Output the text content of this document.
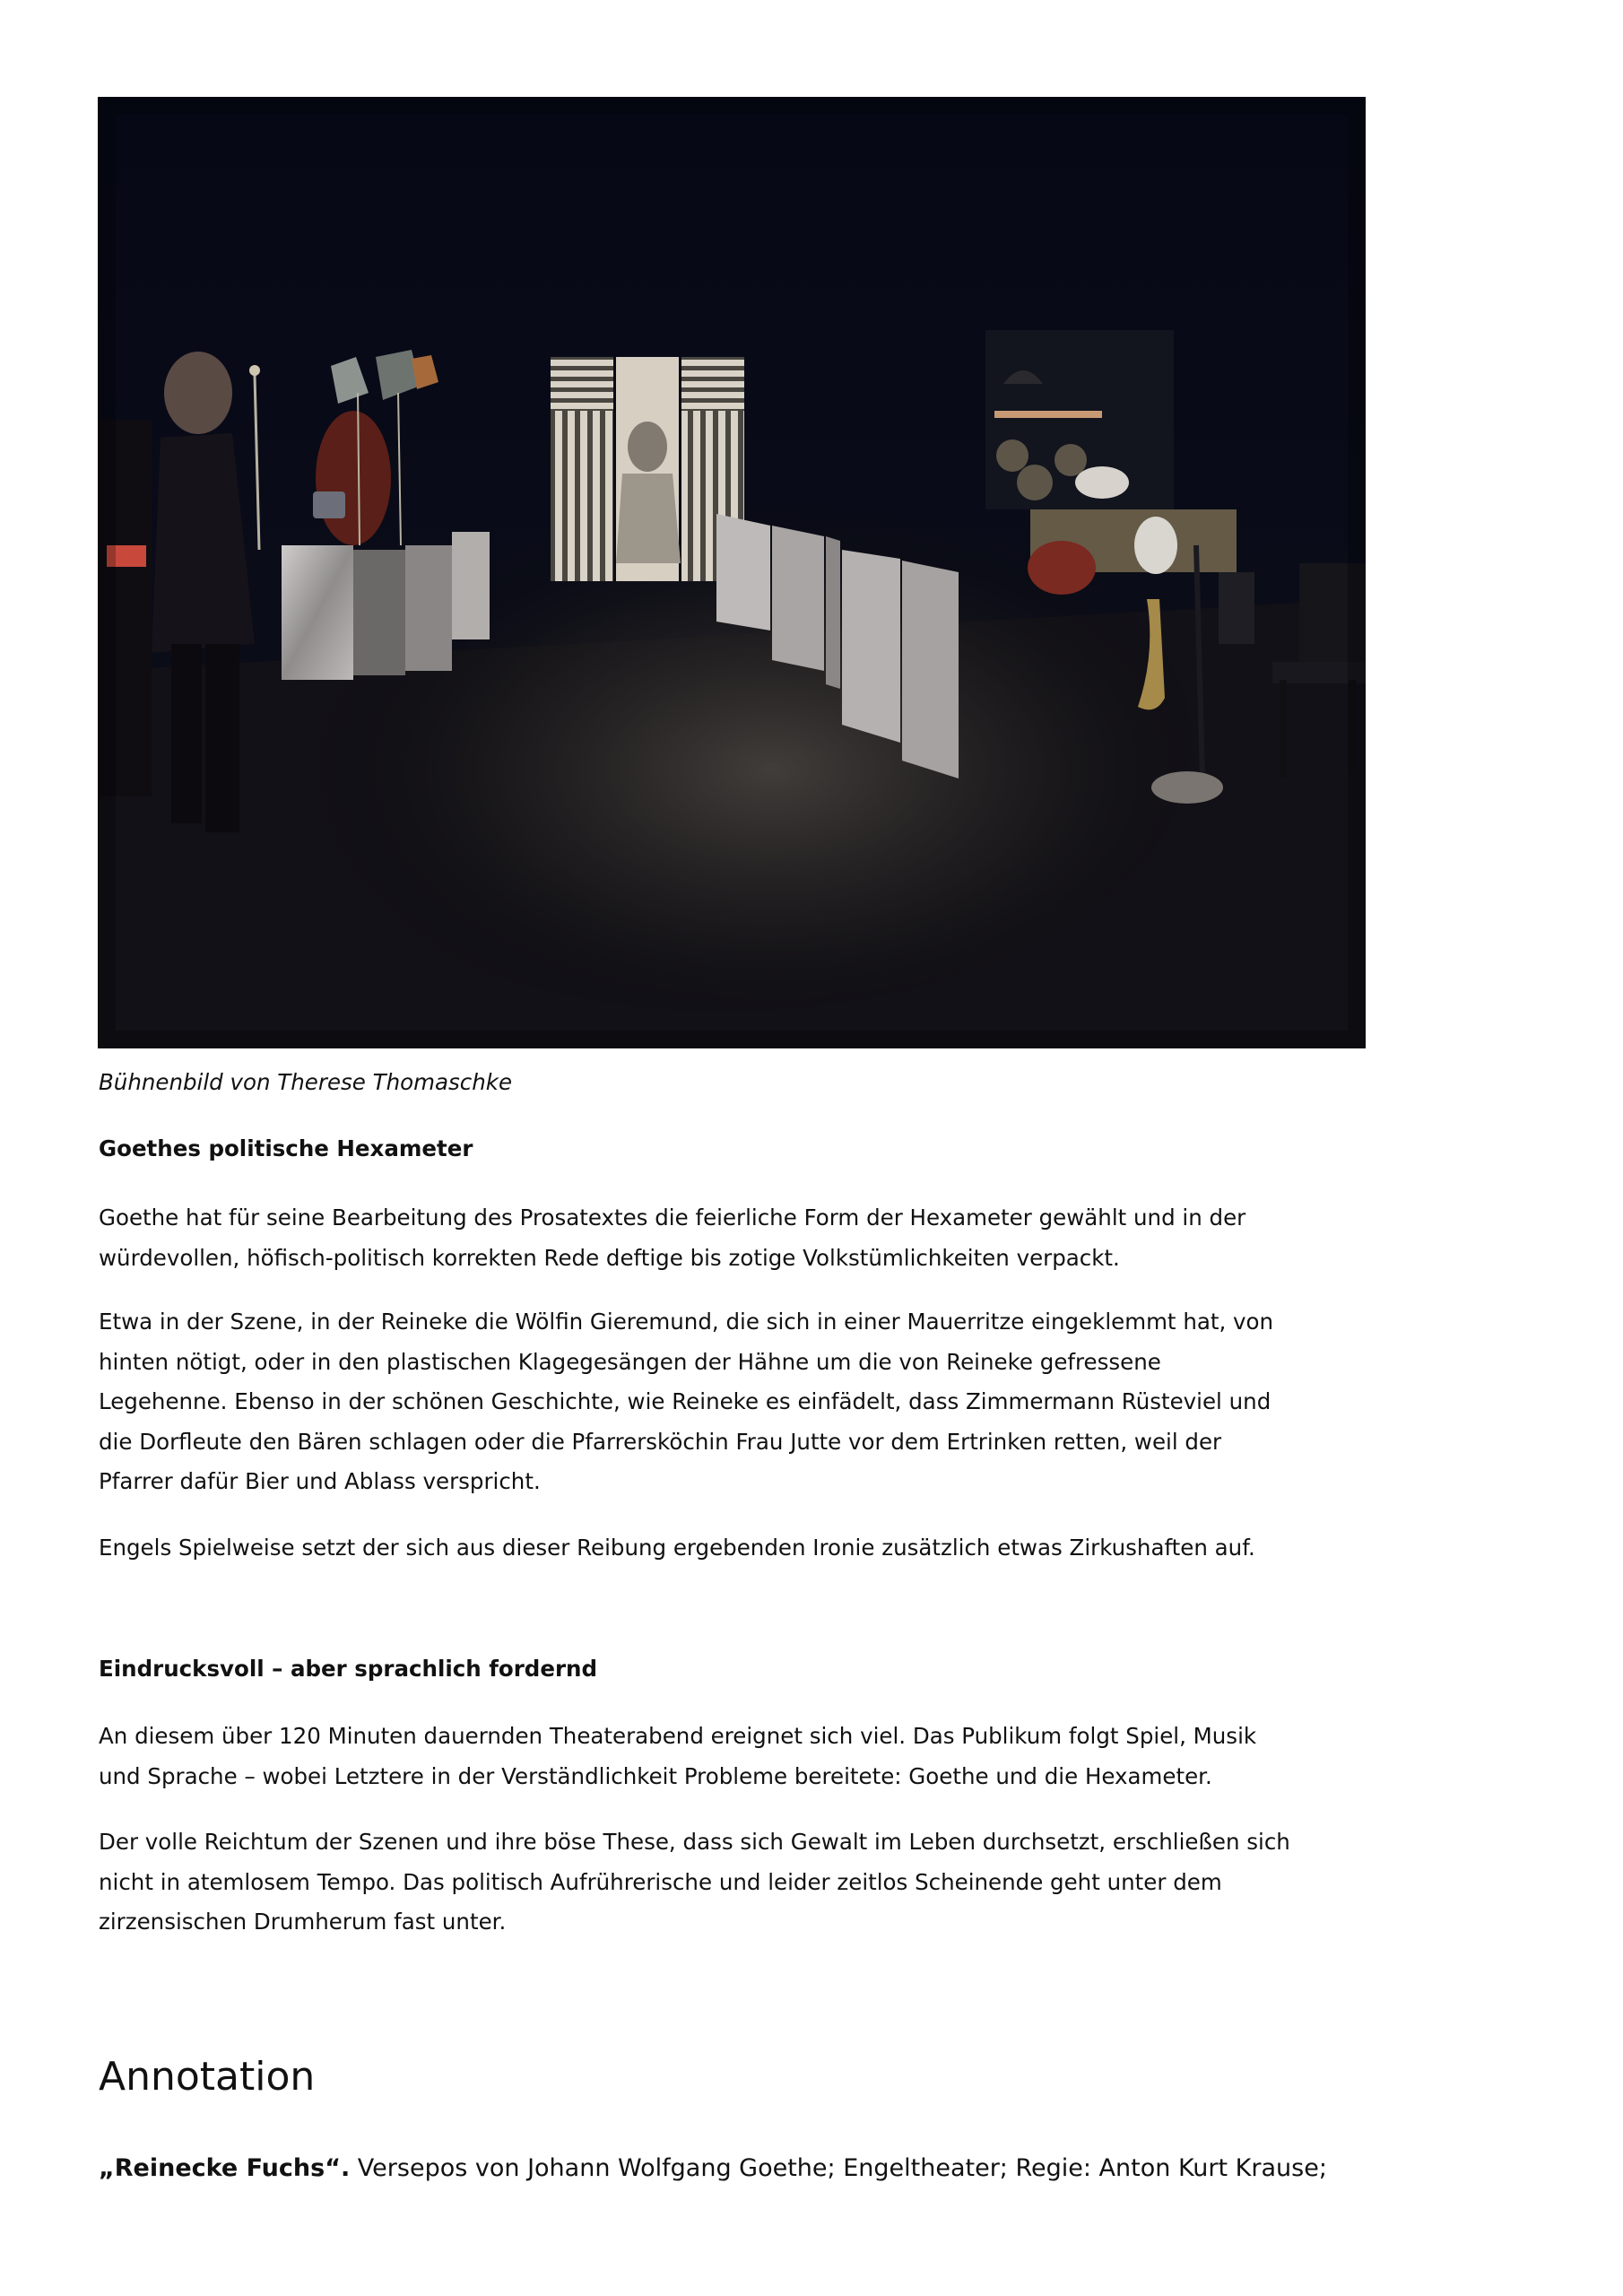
Bühnenbild von Therese Thomaschke
Goethes politische Hexameter
Goethe hat für seine Bearbeitung des Prosatextes die feierliche Form der Hexameter gewählt und in der
würdevollen, höfisch-politisch korrekten Rede deftige bis zotige Volkstümlichkeiten verpackt.
Etwa in der Szene, in der Reineke die Wölfin Gieremund, die sich in einer Mauerritze eingeklemmt hat, von
hinten nötigt, oder in den plastischen Klagegesängen der Hähne um die von Reineke gefressene
Legehenne. Ebenso in der schönen Geschichte, wie Reineke es einfädelt, dass Zimmermann Rüsteviel und
die Dorfleute den Bären schlagen oder die Pfarrersköchin Frau Jutte vor dem Ertrinken retten, weil der
Pfarrer dafür Bier und Ablass verspricht.
Engels Spielweise setzt der sich aus dieser Reibung ergebenden Ironie zusätzlich etwas Zirkushaften auf.
Eindrucksvoll – aber sprachlich fordernd
An diesem über 120 Minuten dauernden Theaterabend ereignet sich viel. Das Publikum folgt Spiel, Musik
und Sprache – wobei Letztere in der Verständlichkeit Probleme bereitete: Goethe und die Hexameter.
Der volle Reichtum der Szenen und ihre böse These, dass sich Gewalt im Leben durchsetzt, erschließen sich
nicht in atemlosem Tempo. Das politisch Aufrührerische und leider zeitlos Scheinende geht unter dem
zirzensischen Drumherum fast unter.
Annotation
„Reinecke Fuchs“. Versepos von Johann Wolfgang Goethe; Engeltheater; Regie: Anton Kurt Krause;
